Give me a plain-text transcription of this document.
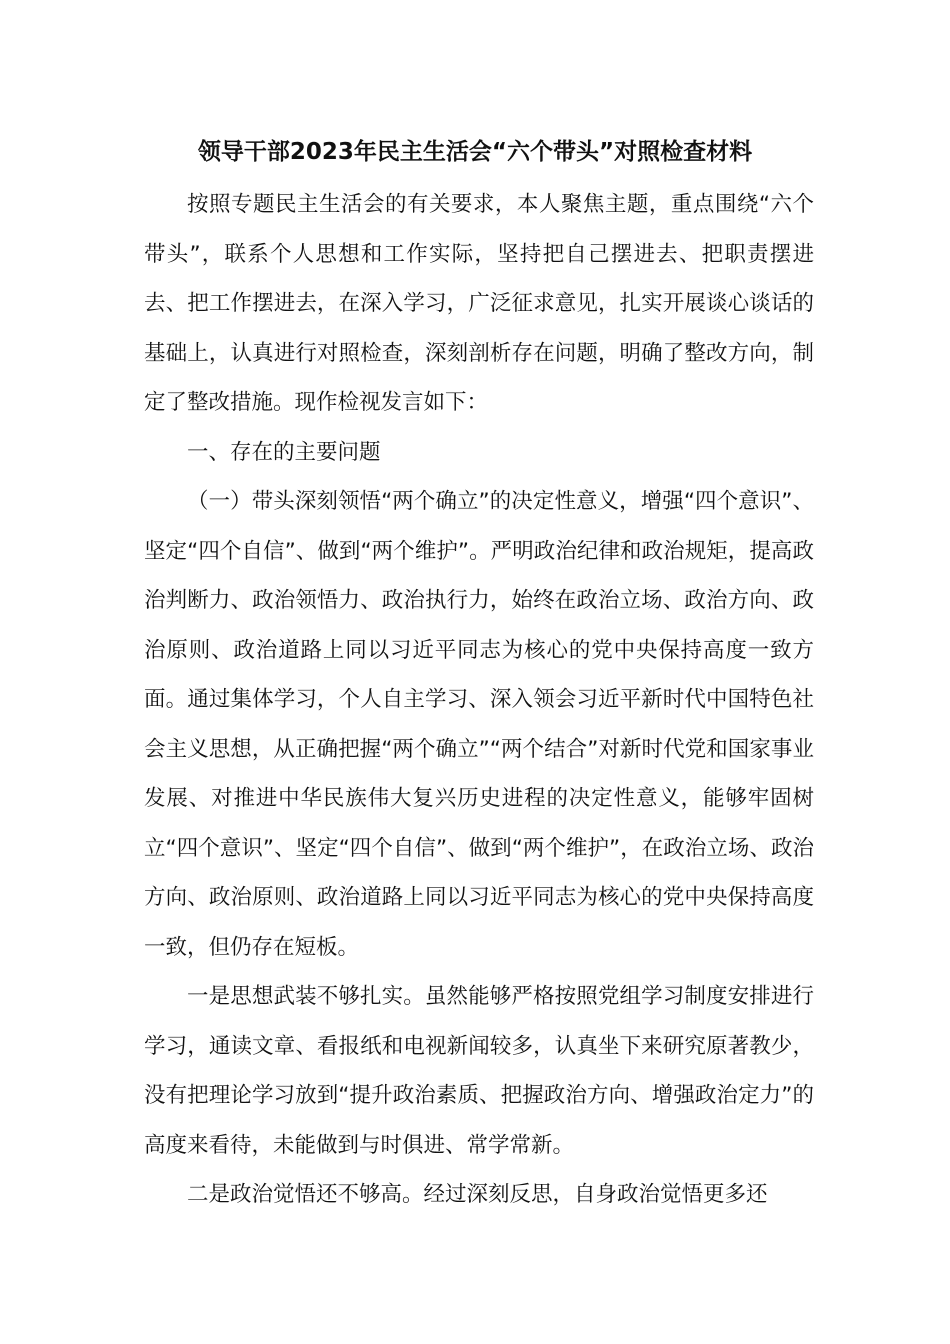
领导干部2023年民主生活会“六个带头”对照检查材料

按照专题民主生活会的有关要求，本人聚焦主题，重点围绕“六个带头”，联系个人思想和工作实际，坚持把自己摆进去、把职责摆进去、把工作摆进去，在深入学习，广泛征求意见，扎实开展谈心谈话的基础上，认真进行对照检查，深刻剖析存在问题，明确了整改方向，制定了整改措施。现作检视发言如下：

一、存在的主要问题

（一）带头深刻领悟“两个确立”的决定性意义，增强“四个意识”、坚定“四个自信”、做到“两个维护”。严明政治纪律和政治规矩，提高政治判断力、政治领悟力、政治执行力，始终在政治立场、政治方向、政治原则、政治道路上同以习近平同志为核心的党中央保持高度一致方面。通过集体学习，个人自主学习、深入领会习近平新时代中国特色社会主义思想，从正确把握“两个确立”“两个结合”对新时代党和国家事业发展、对推进中华民族伟大复兴历史进程的决定性意义，能够牢固树立“四个意识”、坚定“四个自信”、做到“两个维护”，在政治立场、政治方向、政治原则、政治道路上同以习近平同志为核心的党中央保持高度一致，但仍存在短板。

一是思想武装不够扎实。虽然能够严格按照党组学习制度安排进行学习，通读文章、看报纸和电视新闻较多，认真坐下来研究原著教少，没有把理论学习放到“提升政治素质、把握政治方向、增强政治定力”的高度来看待，未能做到与时俱进、常学常新。

二是政治觉悟还不够高。经过深刻反思，自身政治觉悟更多还
